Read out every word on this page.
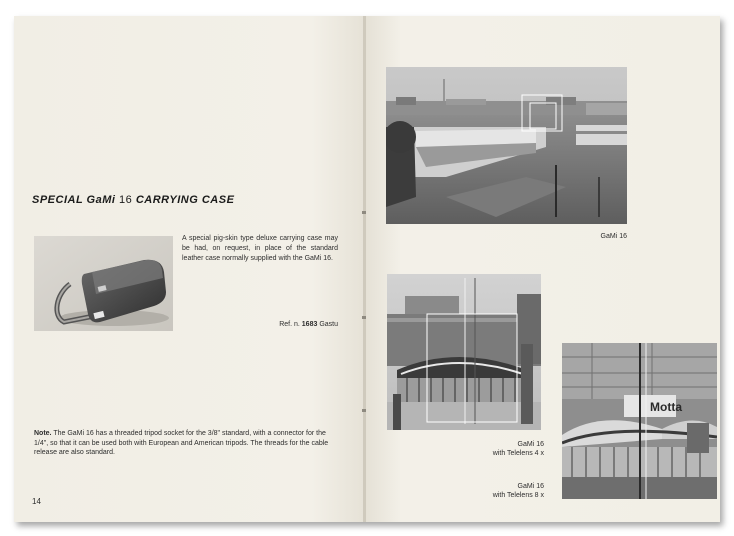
SPECIAL GaMi 16 CARRYING CASE
A special pig-skin type deluxe carrying case may be had, on request, in place of the standard leather case normally supplied with the GaMi 16.
Ref. n. 1683 Gastu
Note. The GaMi 16 has a threaded tripod socket for the 3/8" standard, with a connector for the 1/4", so that it can be used both with European and American tripods. The threads for the cable release are also standard.
14
GaMi 16
GaMi 16
with Telelens 4 x
Motta
GaMi 16
with Telelens 8 x
